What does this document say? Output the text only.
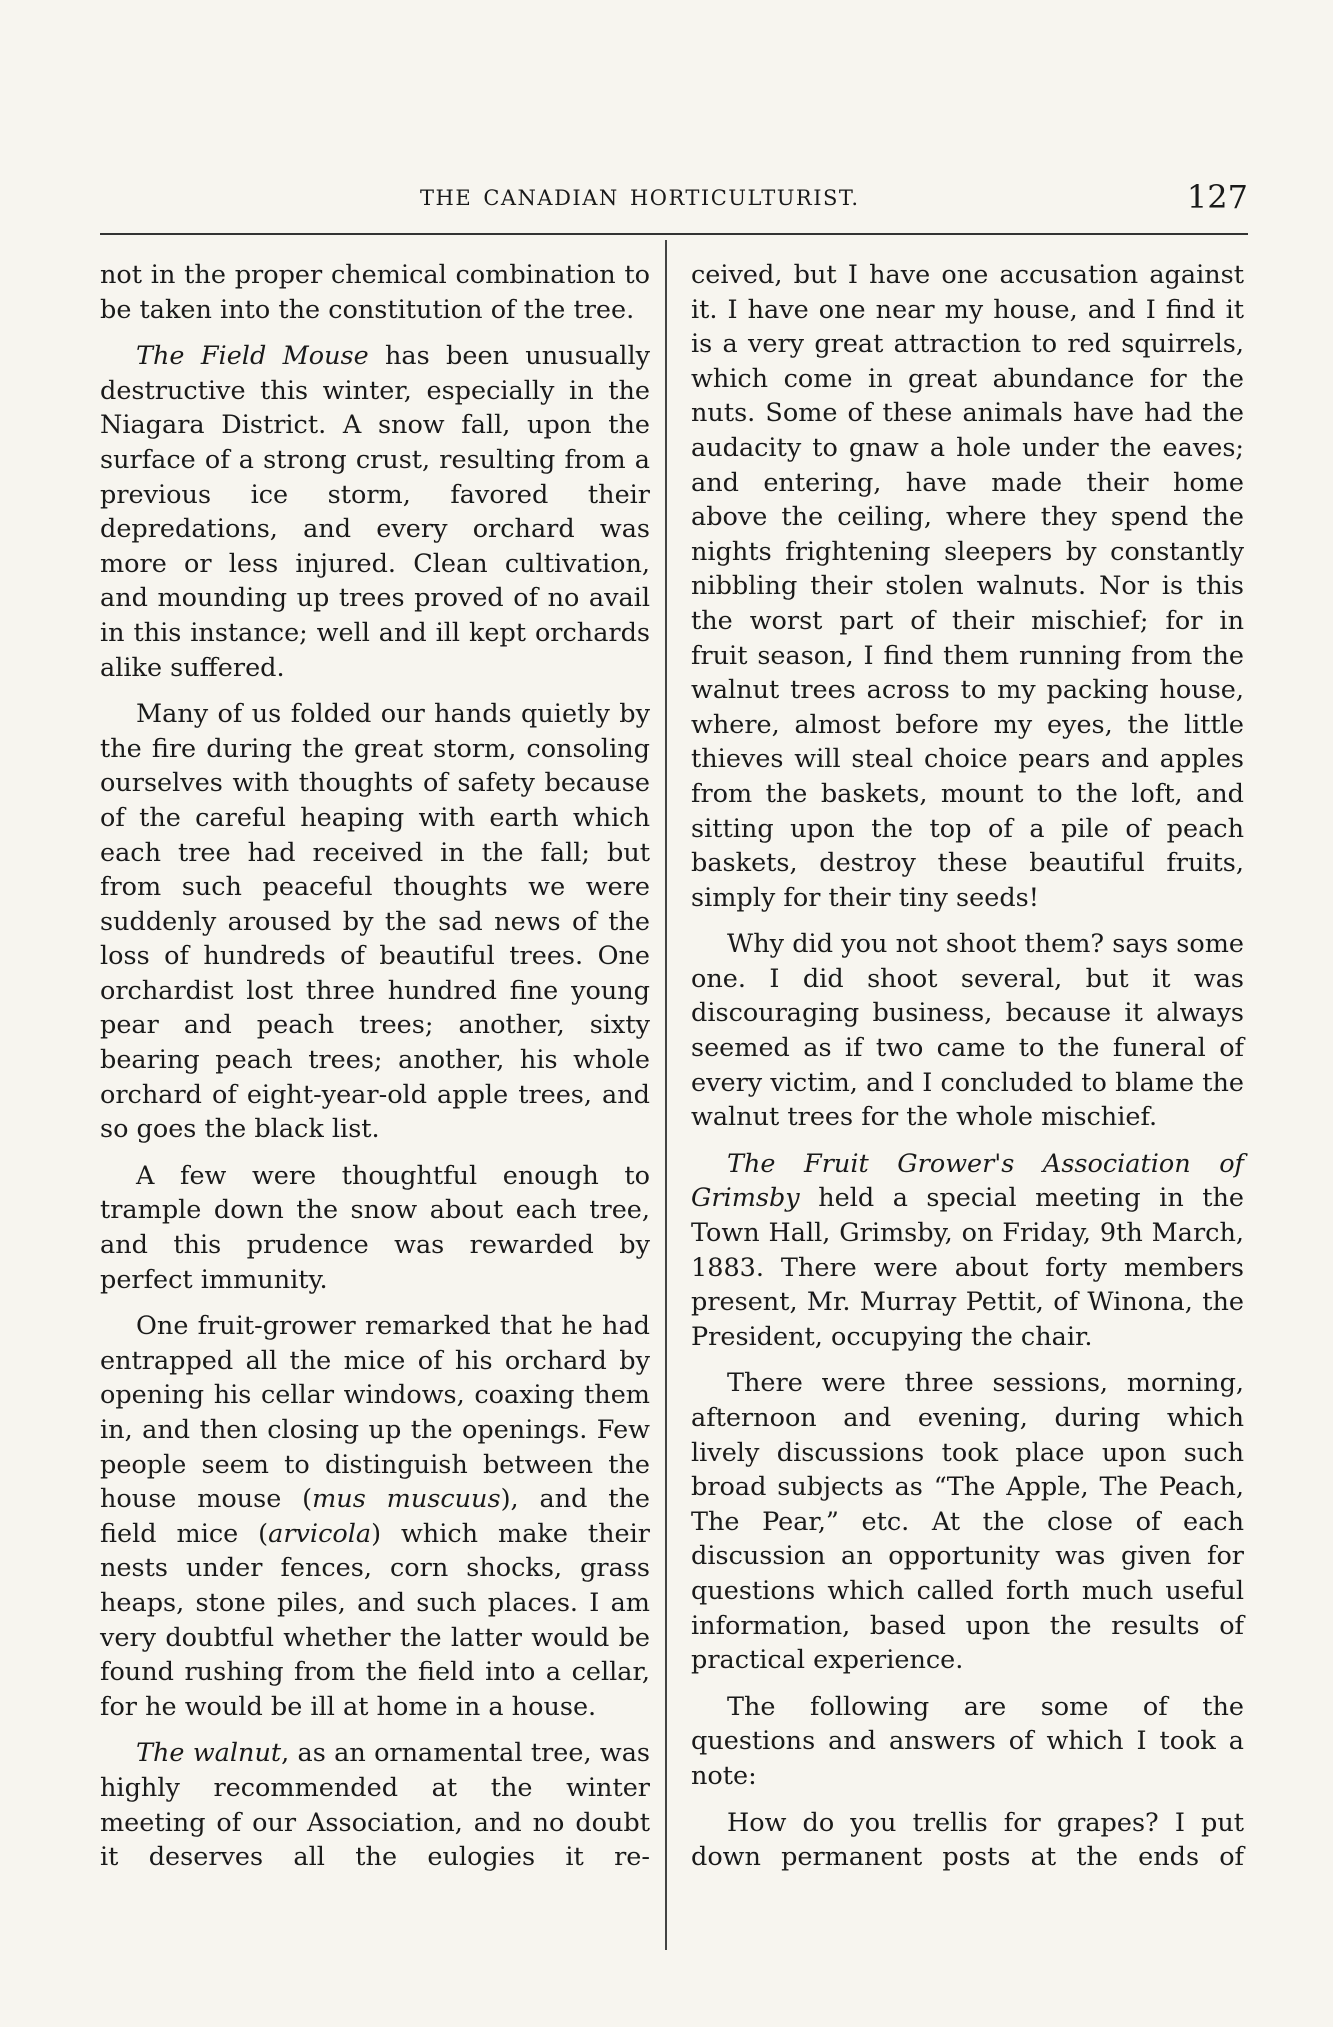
THE CANADIAN HORTICULTURIST.	127

not in the proper chemical combination to be taken into the constitution of the tree.

The Field Mouse has been unusually destructive this winter, especially in the Niagara District. A snow fall, upon the surface of a strong crust, resulting from a previous ice storm, favored their depredations, and every orchard was more or less injured. Clean cultivation, and mounding up trees proved of no avail in this instance; well and ill kept orchards alike suffered.

Many of us folded our hands quietly by the fire during the great storm, consoling ourselves with thoughts of safety because of the careful heaping with earth which each tree had received in the fall; but from such peaceful thoughts we were suddenly aroused by the sad news of the loss of hundreds of beautiful trees. One orchardist lost three hundred fine young pear and peach trees; another, sixty bearing peach trees; another, his whole orchard of eight-year-old apple trees, and so goes the black list.

A few were thoughtful enough to trample down the snow about each tree, and this prudence was rewarded by perfect immunity.

One fruit-grower remarked that he had entrapped all the mice of his orchard by opening his cellar windows, coaxing them in, and then closing up the openings. Few people seem to distinguish between the house mouse (mus muscuus), and the field mice (arvicola) which make their nests under fences, corn shocks, grass heaps, stone piles, and such places. I am very doubtful whether the latter would be found rushing from the field into a cellar, for he would be ill at home in a house.

The walnut, as an ornamental tree, was highly recommended at the winter meeting of our Association, and no doubt it deserves all the eulogies it re-

ceived, but I have one accusation against it. I have one near my house, and I find it is a very great attraction to red squirrels, which come in great abundance for the nuts. Some of these animals have had the audacity to gnaw a hole under the eaves; and entering, have made their home above the ceiling, where they spend the nights frightening sleepers by constantly nibbling their stolen walnuts. Nor is this the worst part of their mischief; for in fruit season, I find them running from the walnut trees across to my packing house, where, almost before my eyes, the little thieves will steal choice pears and apples from the baskets, mount to the loft, and sitting upon the top of a pile of peach baskets, destroy these beautiful fruits, simply for their tiny seeds!

Why did you not shoot them? says some one. I did shoot several, but it was discouraging business, because it always seemed as if two came to the funeral of every victim, and I concluded to blame the walnut trees for the whole mischief.

The Fruit Grower's Association of Grimsby held a special meeting in the Town Hall, Grimsby, on Friday, 9th March, 1883. There were about forty members present, Mr. Murray Pettit, of Winona, the President, occupying the chair.

There were three sessions, morning, afternoon and evening, during which lively discussions took place upon such broad subjects as “The Apple, The Peach, The Pear,” etc. At the close of each discussion an opportunity was given for questions which called forth much useful information, based upon the results of practical experience.

The following are some of the questions and answers of which I took a note:

How do you trellis for grapes? I put down permanent posts at the ends of
